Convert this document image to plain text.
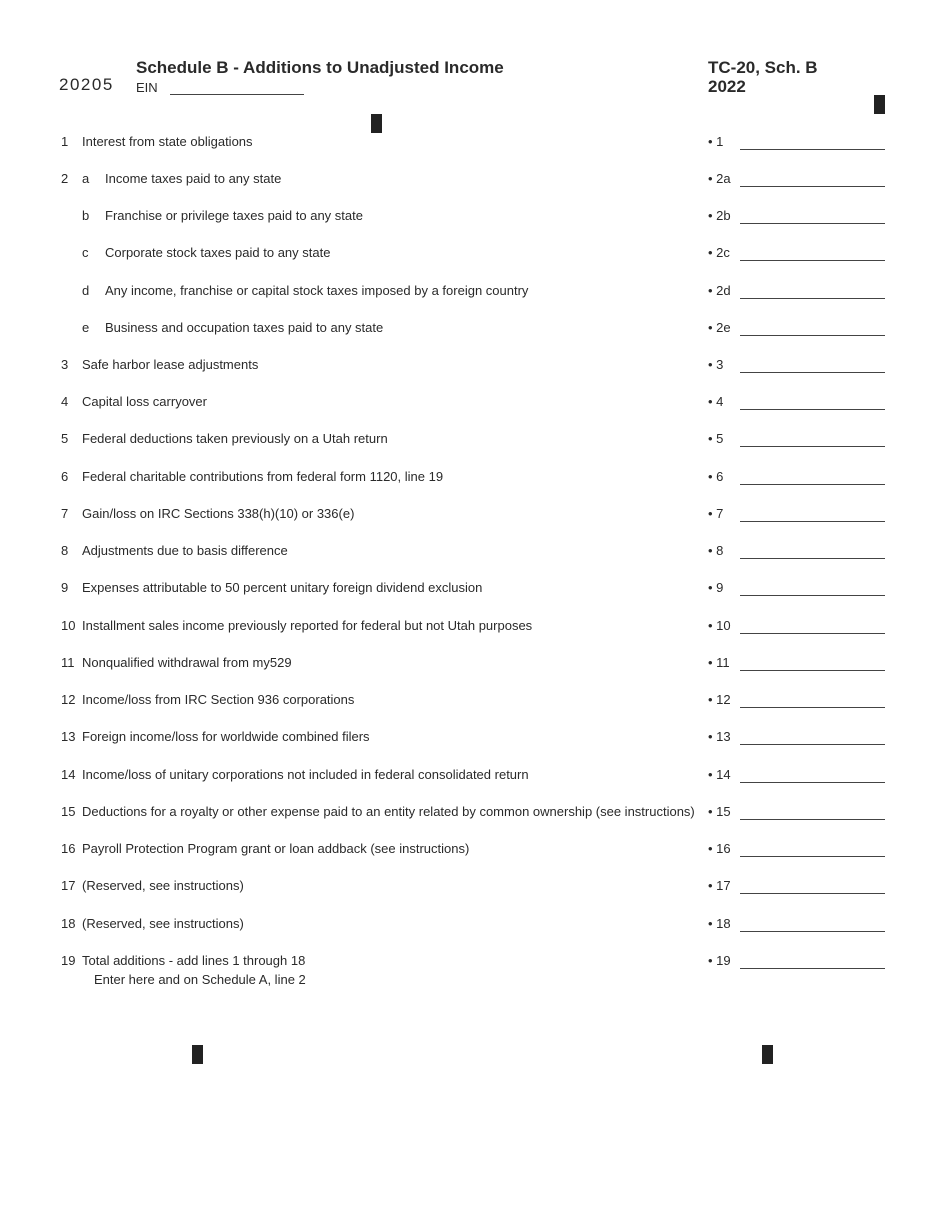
20205
Schedule B - Additions to Unadjusted Income
EIN
TC-20, Sch. B
2022
1 Interest from state obligations	• 1
2 a Income taxes paid to any state	• 2a
b Franchise or privilege taxes paid to any state	• 2b
c Corporate stock taxes paid to any state	• 2c
d Any income, franchise or capital stock taxes imposed by a foreign country	• 2d
e Business and occupation taxes paid to any state	• 2e
3 Safe harbor lease adjustments	• 3
4 Capital loss carryover	• 4
5 Federal deductions taken previously on a Utah return	• 5
6 Federal charitable contributions from federal form 1120, line 19	• 6
7 Gain/loss on IRC Sections 338(h)(10) or 336(e)	• 7
8 Adjustments due to basis difference	• 8
9 Expenses attributable to 50 percent unitary foreign dividend exclusion	• 9
10 Installment sales income previously reported for federal but not Utah purposes	• 10
11 Nonqualified withdrawal from my529	• 11
12 Income/loss from IRC Section 936 corporations	• 12
13 Foreign income/loss for worldwide combined filers	• 13
14 Income/loss of unitary corporations not included in federal consolidated return	• 14
15 Deductions for a royalty or other expense paid to an entity related by common ownership (see instructions) • 15
16 Payroll Protection Program grant or loan addback (see instructions)	• 16
17 (Reserved, see instructions)	• 17
18 (Reserved, see instructions)	• 18
19 Total additions - add lines 1 through 18
Enter here and on Schedule A, line 2
• 19
